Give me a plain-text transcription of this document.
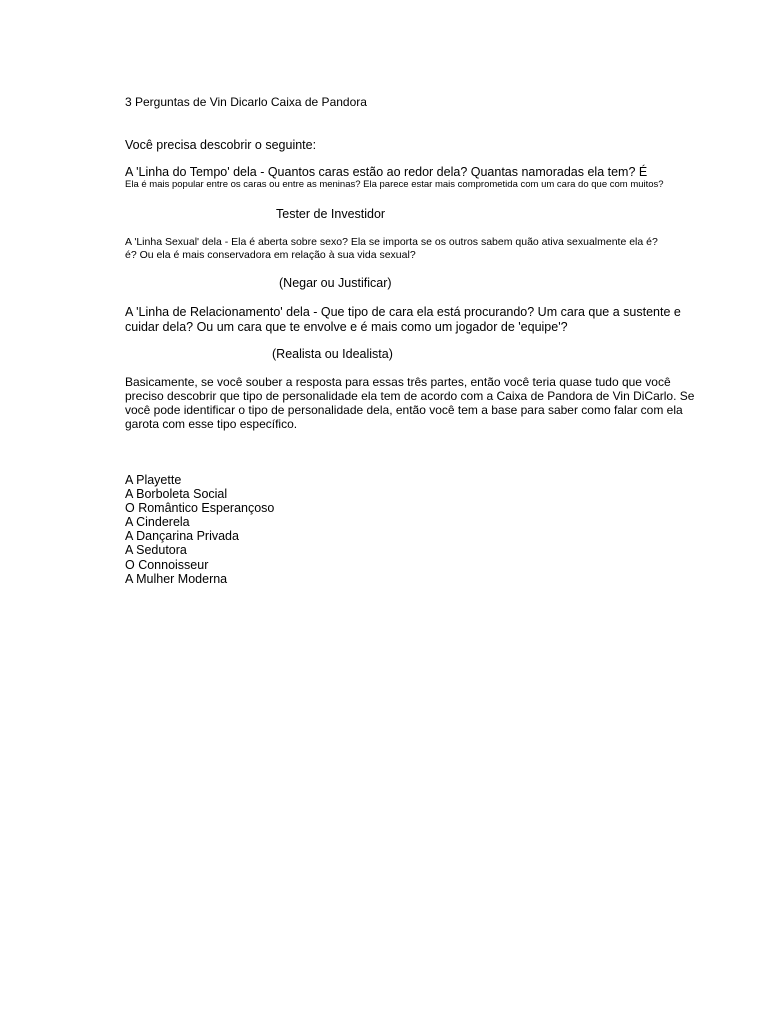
3 Perguntas de Vin Dicarlo Caixa de Pandora
Você precisa descobrir o seguinte:
A 'Linha do Tempo' dela - Quantos caras estão ao redor dela? Quantas namoradas ela tem? É
Ela é mais popular entre os caras ou entre as meninas? Ela parece estar mais comprometida com um cara do que com muitos?
Tester de Investidor
A 'Linha Sexual' dela - Ela é aberta sobre sexo? Ela se importa se os outros sabem quão ativa sexualmente ela é?
é? Ou ela é mais conservadora em relação à sua vida sexual?
(Negar ou Justificar)
A 'Linha de Relacionamento' dela - Que tipo de cara ela está procurando? Um cara que a sustente e
cuidar dela? Ou um cara que te envolve e é mais como um jogador de 'equipe'?
(Realista ou Idealista)
Basicamente, se você souber a resposta para essas três partes, então você teria quase tudo que você
preciso descobrir que tipo de personalidade ela tem de acordo com a Caixa de Pandora de Vin DiCarlo. Se
você pode identificar o tipo de personalidade dela, então você tem a base para saber como falar com ela
garota com esse tipo específico.
A Playette
A Borboleta Social
O Romântico Esperançoso
A Cinderela
A Dançarina Privada
A Sedutora
O Connoisseur
A Mulher Moderna
